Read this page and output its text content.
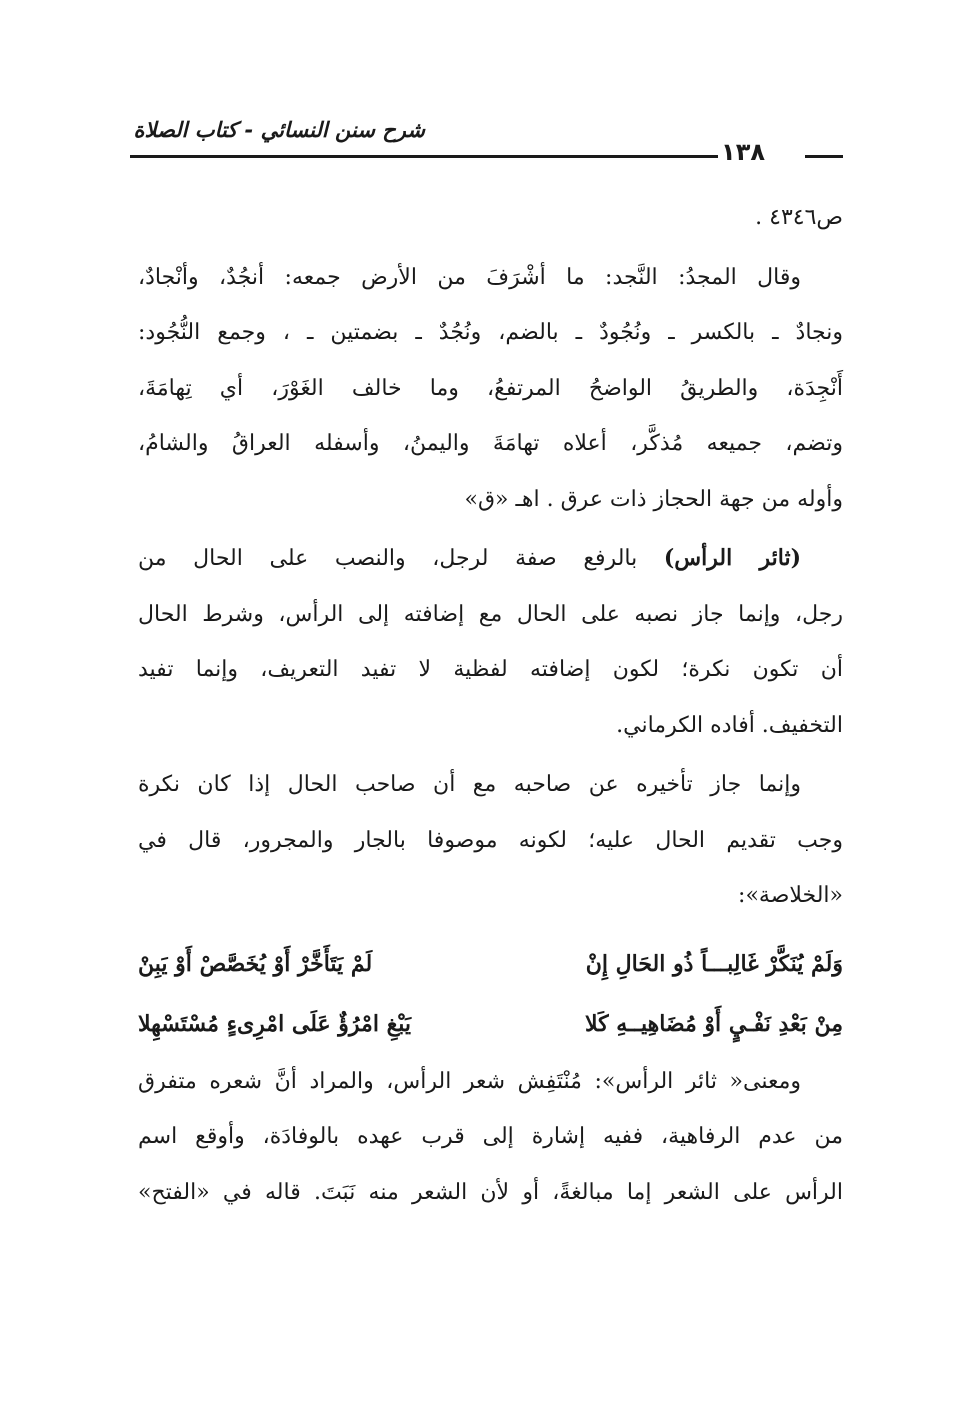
شرح سنن النسائي - كتاب الصلاة
١٣٨
ص٤٣٤٦ .
وقال المجدُ: النَّجد: ما أشْرَفَ من الأرض جمعه: أنجُدٌ، وأنْجادٌ،
ونجادٌ ـ بالكسر ـ ونُجُودٌ ـ بالضم، ونُجُدٌ ـ بضمتين ـ ، وجمع النُّجُود:
أَنْجِدَة، والطريقُ الواضحُ المرتفعُ، وما خالف الغَوْرَ، أي تِهامَةَ،
وتضم، جميعه مُذكَّر، أعلاه تهامَةَ واليمنُ، وأسفله العراقُ والشامُ،
وأوله من جهة الحجاز ذات عرق . اهـ «ق»
(ثائر الرأس) بالرفع صفة لرجل، والنصب على الحال من
رجل، وإنما جاز نصبه على الحال مع إضافته إلى الرأس، وشرط الحال
أن تكون نكرة؛ لكون إضافته لفظية لا تفيد التعريف، وإنما تفيد
التخفيف. أفاده الكرماني.
وإنما جاز تأخيره عن صاحبه مع أن صاحب الحال إذا كان نكرة
وجب تقديم الحال عليه؛ لكونه موصوفا بالجار والمجرور، قال في
«الخلاصة»:
وَلَمْ يُنَكَّرْ غَالِبـــاً ذُو الحَالِ إِنْ
لَمْ يَتَأَخَّرْ أَوْ يُخَصَّصْ أَوْ يَبِنْ
مِنْ بَعْدِ نَفْـيٍ أَوْ مُضَاهِيــهِ كَلا
يَبْغِ امْرُؤٌ عَلَى امْرِىءٍ مُسْتَسْهِلا
ومعنى« ثائر الرأس»: مُنْتَفِش شعر الرأس، والمراد أنَّ شعره متفرق
من عدم الرفاهية، ففيه إشارة إلى قرب عهده بالوفادَة، وأوقع اسم
الرأس على الشعر إما مبالغةً، أو لأن الشعر منه نَبَتَ. قاله في «الفتح»
